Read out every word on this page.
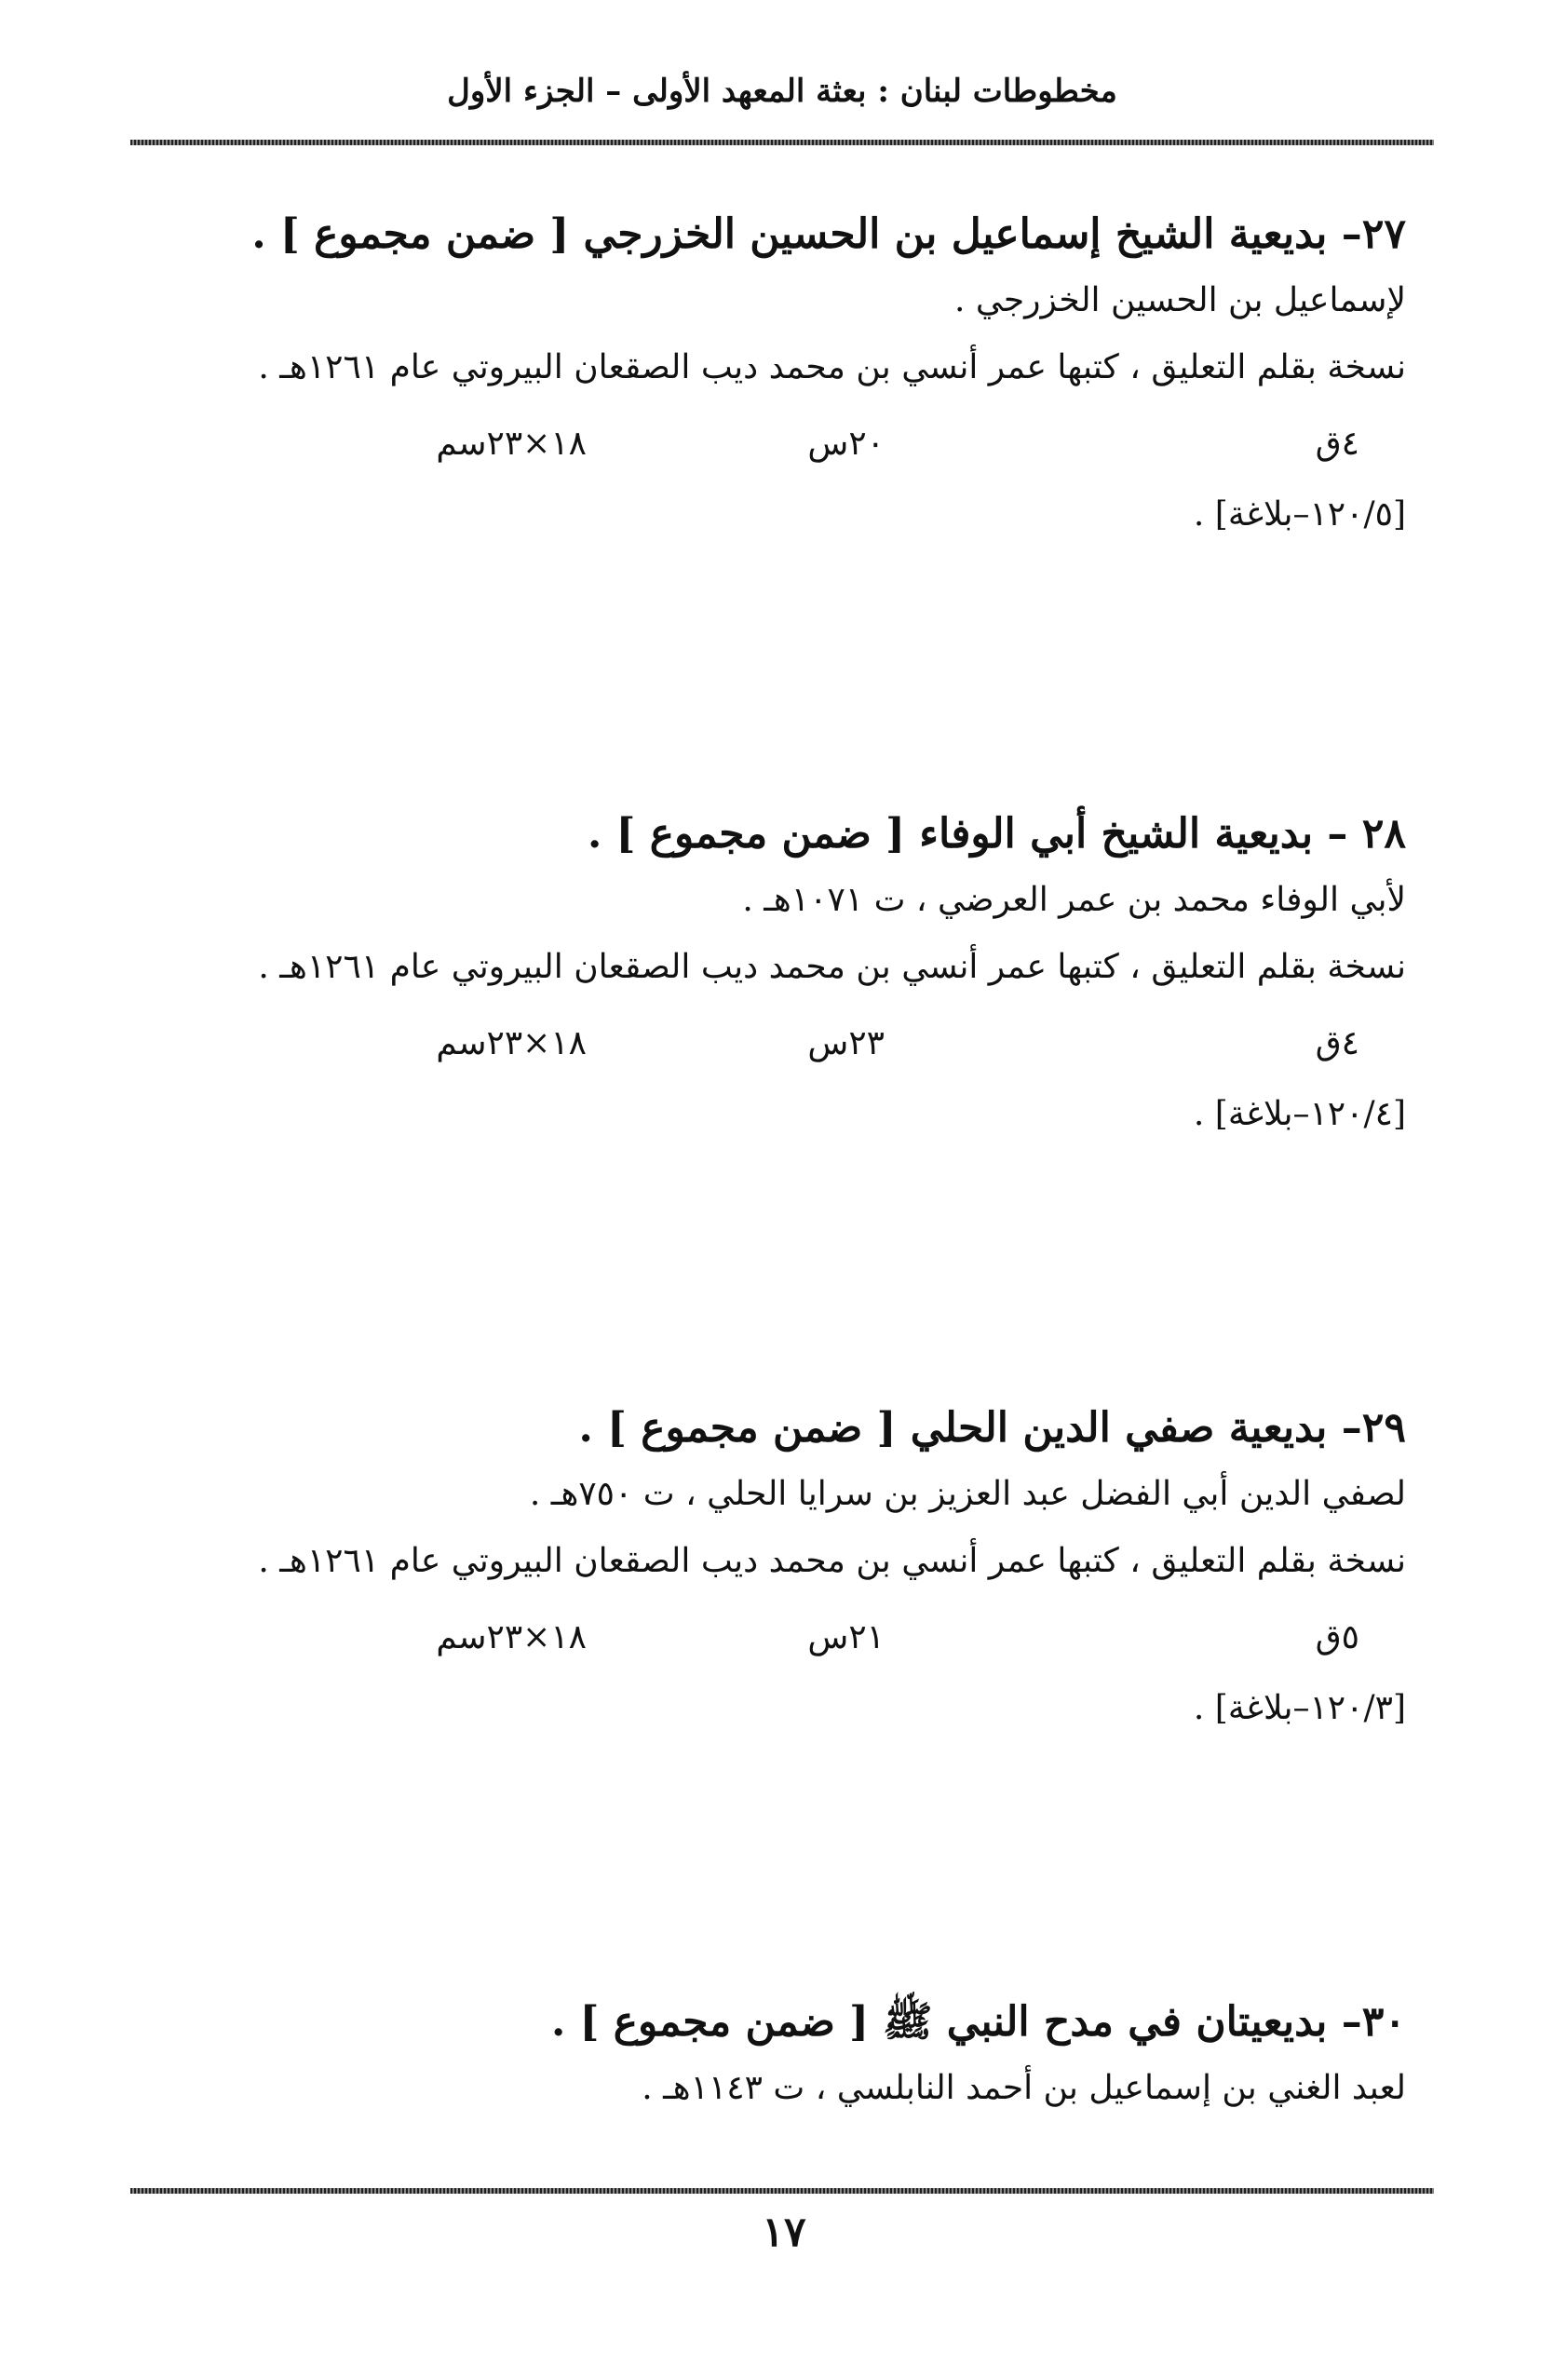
مخطوطات لبنان : بعثة المعهد الأولى – الجزء الأول
٢٧– بديعية الشيخ إسماعيل بن الحسين الخزرجي [ ضمن مجموع ] .
لإسماعيل بن الحسين الخزرجي .
نسخة بقلم التعليق ، كتبها عمر أنسي بن محمد ديب الصقعان البيروتي عام ١٢٦١هـ .
٤ق
٢٠س
١٨×٢٣سم
[١٢٠/٥–بلاغة] .
٢٨ – بديعية الشيخ أبي الوفاء [ ضمن مجموع ] .
لأبي الوفاء محمد بن عمر العرضي ، ت ١٠٧١هـ .
نسخة بقلم التعليق ، كتبها عمر أنسي بن محمد ديب الصقعان البيروتي عام ١٢٦١هـ .
٤ق
٢٣س
١٨×٢٣سم
[١٢٠/٤–بلاغة] .
٢٩– بديعية صفي الدين الحلي [ ضمن مجموع ] .
لصفي الدين أبي الفضل عبد العزيز بن سرايا الحلي ، ت ٧٥٠هـ .
نسخة بقلم التعليق ، كتبها عمر أنسي بن محمد ديب الصقعان البيروتي عام ١٢٦١هـ .
٥ق
٢١س
١٨×٢٣سم
[١٢٠/٣–بلاغة] .
٣٠– بديعيتان في مدح النبي ﷺ [ ضمن مجموع ] .
لعبد الغني بن إسماعيل بن أحمد النابلسي ، ت ١١٤٣هـ .
١٧
